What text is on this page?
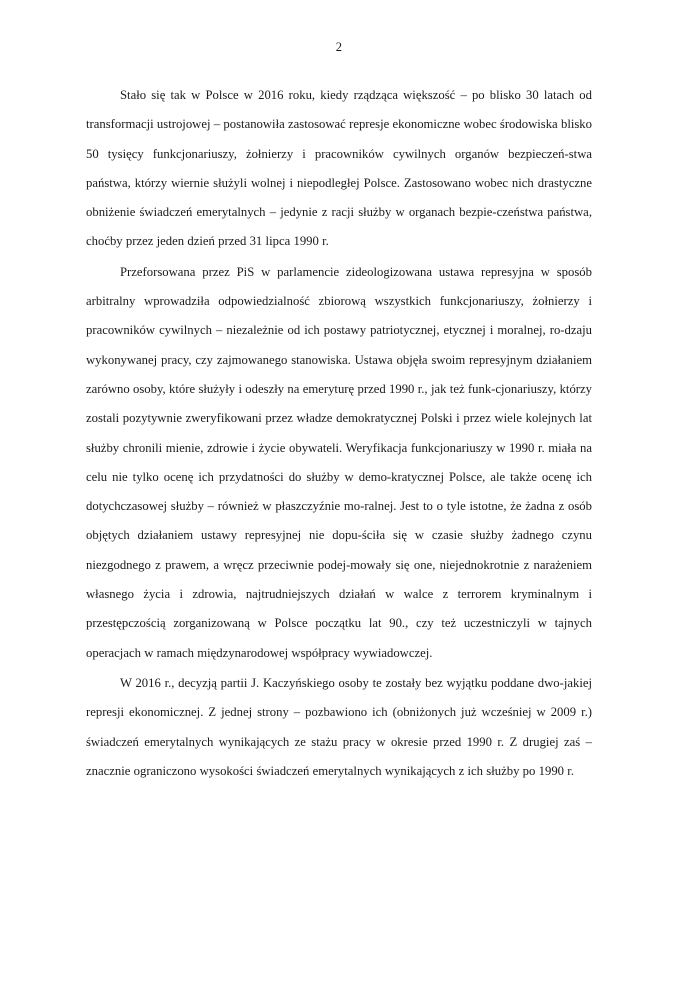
2

Stało się tak w Polsce w 2016 roku, kiedy rządząca większość – po blisko 30 latach od transformacji ustrojowej – postanowiła zastosować represje ekonomiczne wobec środowiska blisko 50 tysięcy funkcjonariuszy, żołnierzy i pracowników cywilnych organów bezpieczeń-stwa państwa, którzy wiernie służyli wolnej i niepodległej Polsce. Zastosowano wobec nich drastyczne obniżenie świadczeń emerytalnych – jedynie z racji służby w organach bezpie-czeństwa państwa, choćby przez jeden dzień przed 31 lipca 1990 r.

Przeforsowana przez PiS w parlamencie zideologizowana ustawa represyjna w sposób arbitralny wprowadziła odpowiedzialność zbiorową wszystkich funkcjonariuszy, żołnierzy i pracowników cywilnych – niezależnie od ich postawy patriotycznej, etycznej i moralnej, ro-dzaju wykonywanej pracy, czy zajmowanego stanowiska. Ustawa objęła swoim represyjnym działaniem zarówno osoby, które służyły i odeszły na emeryturę przed 1990 r., jak też funk-cjonariuszy, którzy zostali pozytywnie zweryfikowani przez władze demokratycznej Polski i przez wiele kolejnych lat służby chronili mienie, zdrowie i życie obywateli. Weryfikacja funkcjonariuszy w 1990 r. miała na celu nie tylko ocenę ich przydatności do służby w demo-kratycznej Polsce, ale także ocenę ich dotychczasowej służby – również w płaszczyźnie mo-ralnej. Jest to o tyle istotne, że żadna z osób objętych działaniem ustawy represyjnej nie dopu-ściła się w czasie służby żadnego czynu niezgodnego z prawem, a wręcz przeciwnie podej-mowały się one, niejednokrotnie z narażeniem własnego życia i zdrowia, najtrudniejszych działań w walce z terrorem kryminalnym i przestępczością zorganizowaną w Polsce początku lat 90., czy też uczestniczyli w tajnych operacjach w ramach międzynarodowej współpracy wywiadowczej.

W 2016 r., decyzją partii J. Kaczyńskiego osoby te zostały bez wyjątku poddane dwo-jakiej represji ekonomicznej. Z jednej strony – pozbawiono ich (obniżonych już wcześniej w 2009 r.) świadczeń emerytalnych wynikających ze stażu pracy w okresie przed 1990 r. Z drugiej zaś – znacznie ograniczono wysokości świadczeń emerytalnych wynikających z ich służby po 1990 r.
